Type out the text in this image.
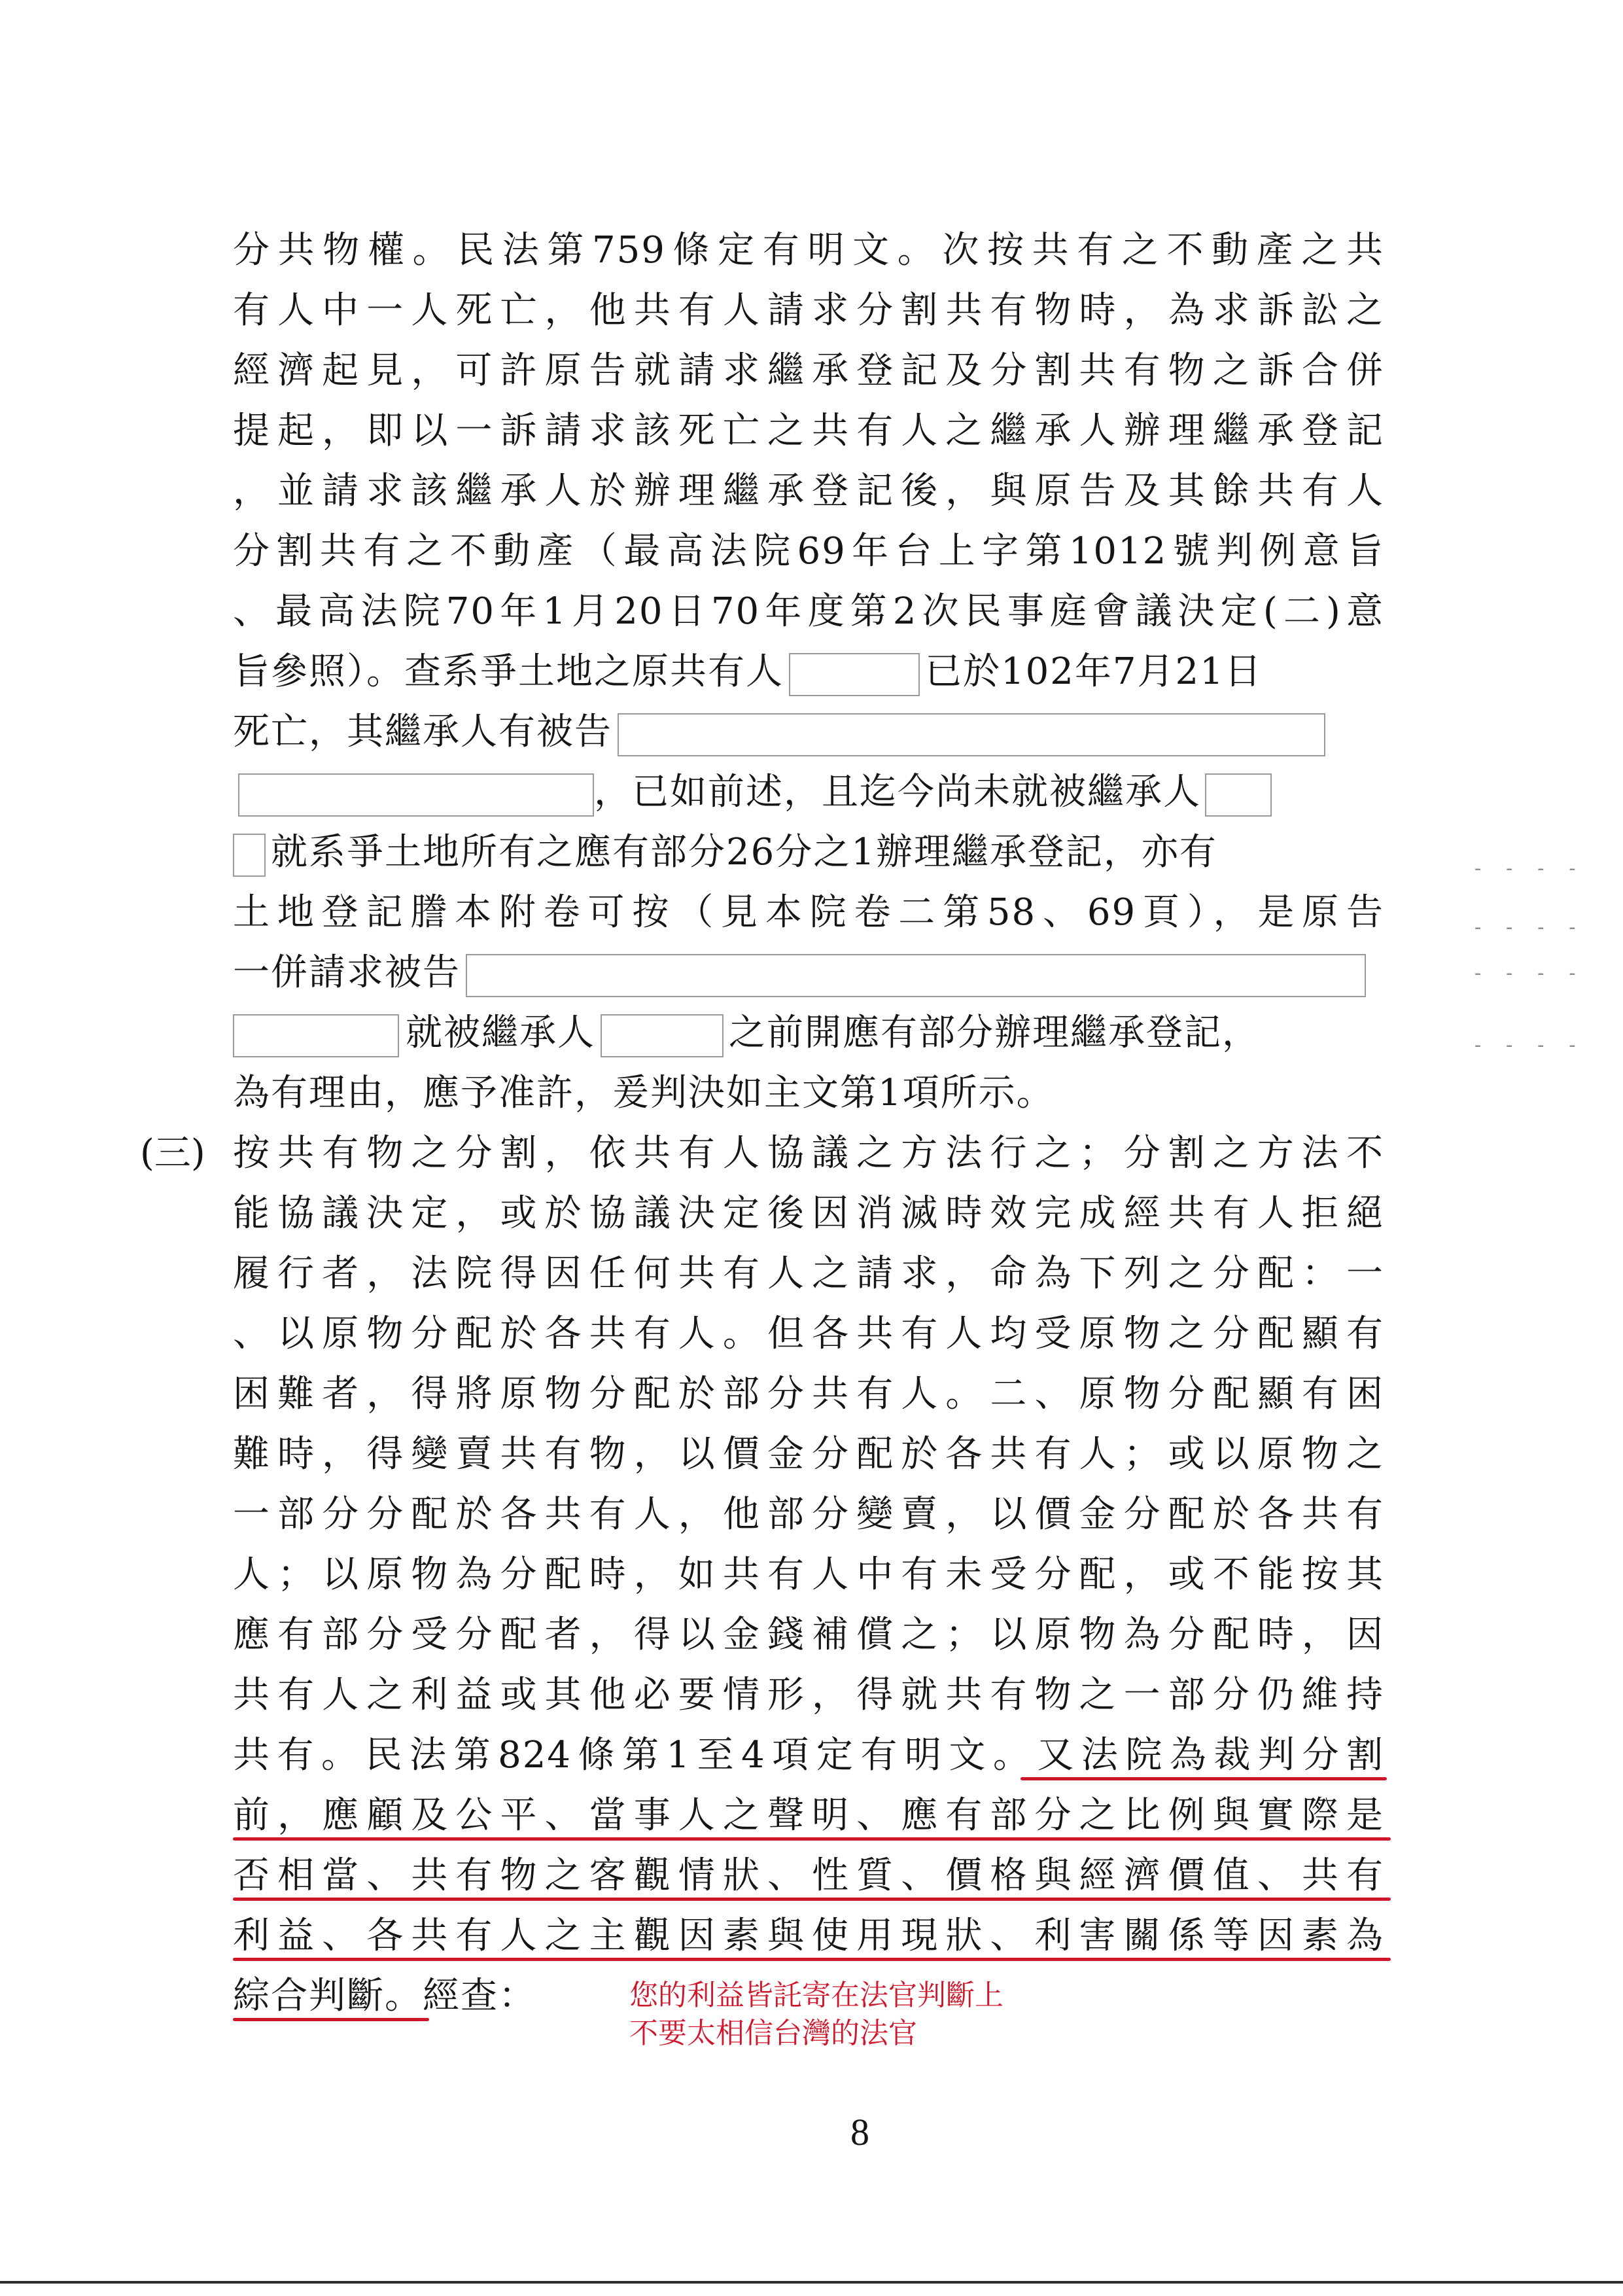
分共物權。民法第759條定有明文。次按共有之不動產之共
有人中一人死亡，他共有人請求分割共有物時，為求訴訟之
經濟起見，可許原告就請求繼承登記及分割共有物之訴合併
提起，即以一訴請求該死亡之共有人之繼承人辦理繼承登記
，並請求該繼承人於辦理繼承登記後，與原告及其餘共有人
分割共有之不動產（最高法院69年台上字第1012號判例意旨
、最高法院70年1月20日70年度第2次民事庭會議決定(二)意
旨參照）。查系爭土地之原共有人	已於102年7月21日
死亡，其繼承人有被告
，已如前述，且迄今尚未就被繼承人
就系爭土地所有之應有部分26分之1辦理繼承登記，亦有
土地登記謄本附卷可按（見本院卷二第58、69頁），是原告
一併請求被告
就被繼承人	之前開應有部分辦理繼承登記，
為有理由，應予准許，爰判決如主文第1項所示。
(三) 按共有物之分割，依共有人協議之方法行之；分割之方法不
能協議決定，或於協議決定後因消滅時效完成經共有人拒絕
履行者，法院得因任何共有人之請求，命為下列之分配：一
、以原物分配於各共有人。但各共有人均受原物之分配顯有
困難者，得將原物分配於部分共有人。二、原物分配顯有困
難時，得變賣共有物，以價金分配於各共有人；或以原物之
一部分分配於各共有人，他部分變賣，以價金分配於各共有
人；以原物為分配時，如共有人中有未受分配，或不能按其
應有部分受分配者，得以金錢補償之；以原物為分配時，因
共有人之利益或其他必要情形，得就共有物之一部分仍維持
共有。民法第824條第1至4項定有明文。又法院為裁判分割
前，應顧及公平、當事人之聲明、應有部分之比例與實際是
否相當、共有物之客觀情狀、性質、價格與經濟價值、共有
利益、各共有人之主觀因素與使用現狀、利害關係等因素為
綜合判斷。經查：	您的利益皆託寄在法官判斷上
不要太相信台灣的法官
8
- - - -
- - - -
- - - -
- - - -
